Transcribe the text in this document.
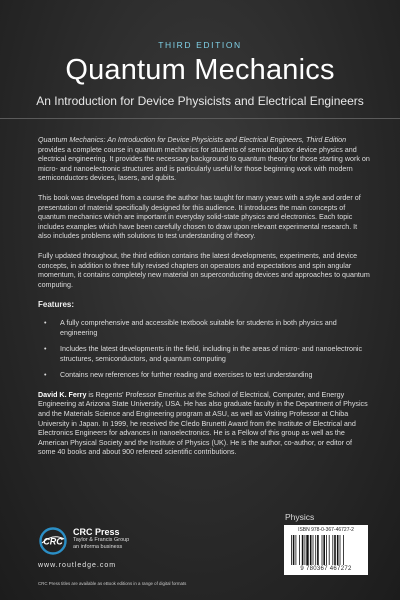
THIRD EDITION
Quantum Mechanics
An Introduction for Device Physicists and Electrical Engineers

Quantum Mechanics: An Introduction for Device Physicists and Electrical Engineers, Third Edition provides a complete course in quantum mechanics for students of semiconductor device physics and electrical engineering. It provides the necessary background to quantum theory for those starting work on micro- and nanoelectronic structures and is particularly useful for those beginning work with modern semiconductors devices, lasers, and qubits.

This book was developed from a course the author has taught for many years with a style and order of presentation of material specifically designed for this audience. It introduces the main concepts of quantum mechanics which are important in everyday solid-state physics and electronics. Each topic includes examples which have been carefully chosen to draw upon relevant experimental research. It also includes problems with solutions to test understanding of theory.

Fully updated throughout, the third edition contains the latest developments, experiments, and device concepts, in addition to three fully revised chapters on operators and expectations and spin angular momentum, it contains completely new material on superconducting devices and approaches to quantum computing.

Features:
• A fully comprehensive and accessible textbook suitable for students in both physics and engineering
• Includes the latest developments in the field, including in the areas of micro- and nanoelectronic structures, semiconductors, and quantum computing
• Contains new references for further reading and exercises to test understanding

David K. Ferry is Regents' Professor Emeritus at the School of Electrical, Computer, and Energy Engineering at Arizona State University, USA. He has also graduate faculty in the Department of Physics and the Materials Science and Engineering program at ASU, as well as Visiting Professor at Chiba University in Japan. In 1999, he received the Cledo Brunetti Award from the Institute of Electrical and Electronics Engineers for advances in nanoelectronics. He is a Fellow of this group as well as the American Physical Society and the Institute of Physics (UK). He is the author, co-author, or editor of some 40 books and about 900 refereed scientific contributions.

CRC
CRC Press
Taylor & Francis Group
an informa business
www.routledge.com
CRC Press titles are available as eBook editions in a range of digital formats
Physics
ISBN 978-0-367-46727-2
9 780367 467272
